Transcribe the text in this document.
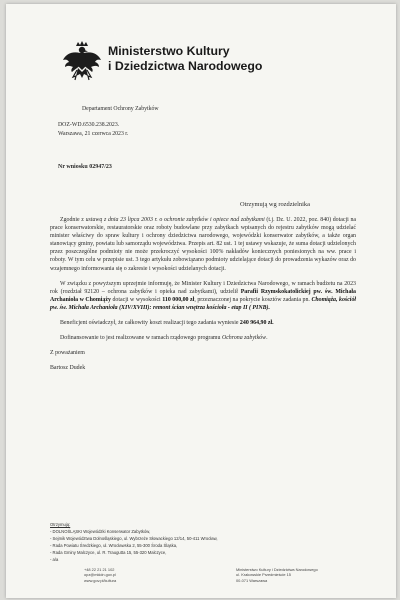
Ministerstwo Kultury
i Dziedzictwa Narodowego
Departament Ochrony Zabytków
DOZ-WD.6530.238.2023.
Warszawa, 21 czerwca 2023 r.
Nr wniosku 02947/23
Otrzymują wg rozdzielnika

Zgodnie z ustawą z dnia 23 lipca 2003 r. o ochronie zabytków i opiece nad zabytkami (t.j. Dz. U. 2022, poz. 840) dotacji na prace konserwatorskie, restauratorskie oraz roboty budowlane przy zabytkach wpisanych do rejestru zabytków mogą udzielać minister właściwy do spraw kultury i ochrony dziedzictwa narodowego, wojewódzki konserwator zabytków, a także organ stanowiący gminy, powiatu lub samorządu województwa. Przepis art. 82 ust. 1 tej ustawy wskazuje, że suma dotacji udzielonych przez poszczególne podmioty nie może przekroczyć wysokości 100% nakładów koniecznych poniesionych na ww. prace i roboty. W tym celu w przepisie ust. 3 tego artykułu zobowiązano podmioty udzielające dotacji do prowadzenia wykazów oraz do wzajemnego informowania się o zakresie i wysokości udzielanych dotacji.

W związku z powyższym uprzejmie informuję, że Minister Kultury i Dziedzictwa Narodowego, w ramach budżetu na 2023 rok (rozdział 92120 – ochrona zabytków i opieka nad zabytkami), udzielił Parafii Rzymskokatolickiej pw. św. Michała Archanioła w Chomiąży dotacji w wysokości 110 000,00 zł, przeznaczonej na pokrycie kosztów zadania pn. Chomiąża, kościół pw. św. Michała Archanioła (XIV/XVIII): remont ścian wnętrza kościoła - etap II ( PINB).

Beneficjent oświadczył, że całkowity koszt realizacji tego zadania wyniesie 240 964,90 zł.

Dofinansowanie to jest realizowane w ramach rządowego programu Ochrona zabytków.

Z poważaniem

Bartosz Dudek

Otrzymują:
- DOLNOŚLĄSKI Wojewódzki Konserwator Zabytków,
- Sejmik Województwa Dolnośląskiego, ul. Wybrzeże Słowackiego 12/14, 50-411 Wrocław,
- Rada Powiatu Średzkiego, ul. Wrocławska 2, 55-300 Środa Śląska,
- Rada Gminy Malczyce, ul. R. Traugutta 15, 55-320 Malczyce,
- a/a
+48 22 21 21 102
opz@mkidn.gov.pl
www.gov.pl/kultura
Ministerstwo Kultury i Dziedzictwa Narodowego
ul. Krakowskie Przedmieście 15
00-071 Warszawa
